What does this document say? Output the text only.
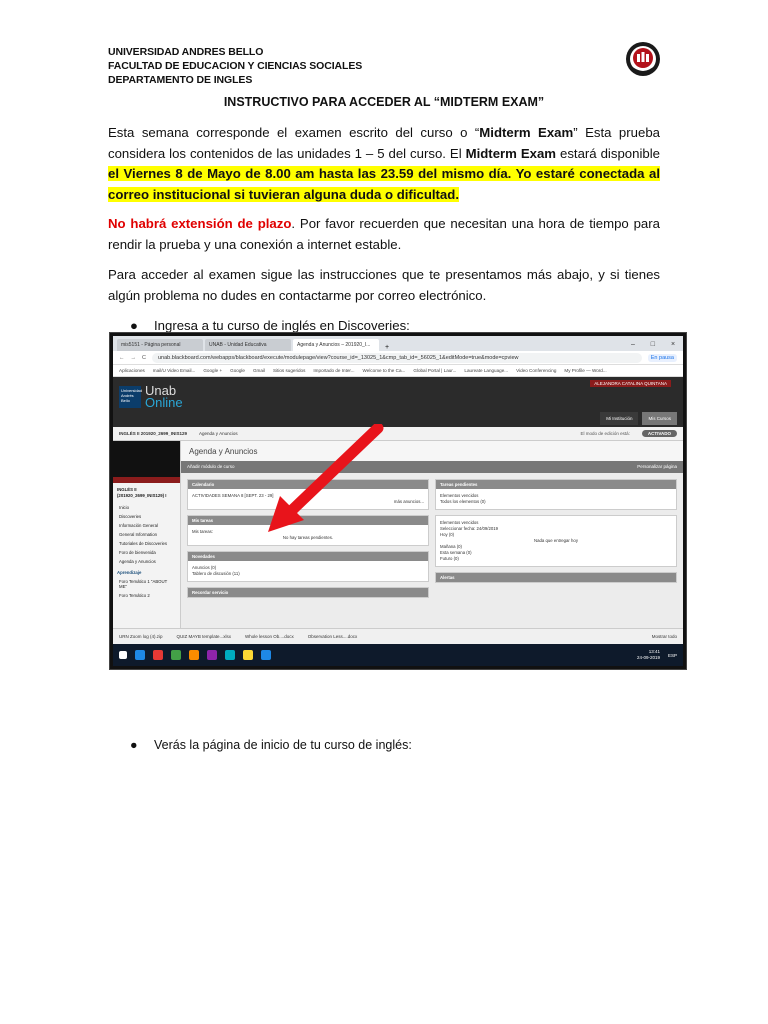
UNIVERSIDAD ANDRES BELLO
FACULTAD DE EDUCACION Y CIENCIAS SOCIALES
DEPARTAMENTO DE INGLES
INSTRUCTIVO PARA ACCEDER AL “MIDTERM EXAM”
Esta semana corresponde el examen escrito del curso o “Midterm Exam” Esta prueba considera los contenidos de las unidades 1 – 5 del curso. El Midterm Exam estará disponible el Viernes 8 de Mayo de 8.00 am hasta las 23.59 del mismo día. Yo estaré conectada al correo institucional si tuvieran alguna duda o dificultad.
No habrá extensión de plazo. Por favor recuerden que necesitan una hora de tiempo para rendir la prueba y una conexión a internet estable.
Para acceder al examen sigue las instrucciones que te presentamos más abajo, y si tienes algún problema no dudes en contactarme por correo electrónico.
● Ingresa a tu curso de inglés en Discoveries:
mis5151 - Página personal	UNAB - Unidad Educativa	Agenda y Anuncios – 201920_I...	+	– □ ×
← → C	unab.blackboard.com/webapps/blackboard/execute/modulepage/view?course_id=_13025_1&cmp_tab_id=_56025_1&editMode=true&mode=cpview	En pausa
Aplicaciones mail/U Video Email... Google + Google Gmail Sitios sugeridos Importado de Inter... Welcome to the Ca... Global Portal | Laur... Laureate Language... Video Conferencing My Profile — Word...
Universidad Andrés Bello
Unab
Online
ALEJANDRA CATALINA QUINTANA
Mi Institución	Mis Cursos
INGLÉS II 201920_2699_INIS129	Agenda y Anuncios	El modo de edición está:	ACTIVADO
INGLÉS II (201920_2699_INIS129) I
Inicio
Discoveries
Información General
General Information
Tutoriales de Discoveries
Foro de bienvenida
Agenda y Anuncios
Aprendizaje
Foro Temático 1 "ABOUT ME"
Foro Temático 2
Agenda y Anuncios
Añadir módulo de curso	Personalizar página
Calendario
ACTIVIDADES SEMANA 8 [SEPT. 23 - 29]
más anuncios...
Mis tareas
Mis tareas:
No hay tareas pendientes.
Novedades
Anuncios (0)
Tablero de discusión (11)
Recordar servicio
Tareas pendientes
Elementos vencidos
Todos los elementos (0)
Elementos vencidos
Seleccionar fecha: 24/09/2019
Hoy (0)
Nada que entregar hoy
Mañana (0)
Esta semana (0)
Futuro (0)
Alertas
URN Zoom log (4).zip	QUIZ MAYB template...xlsx	Whole lesson Ob....docx	Observation Less....docx	Mostrar todo
13:41
24-09-2019 ESP
● Verás la página de inicio de tu curso de inglés:
